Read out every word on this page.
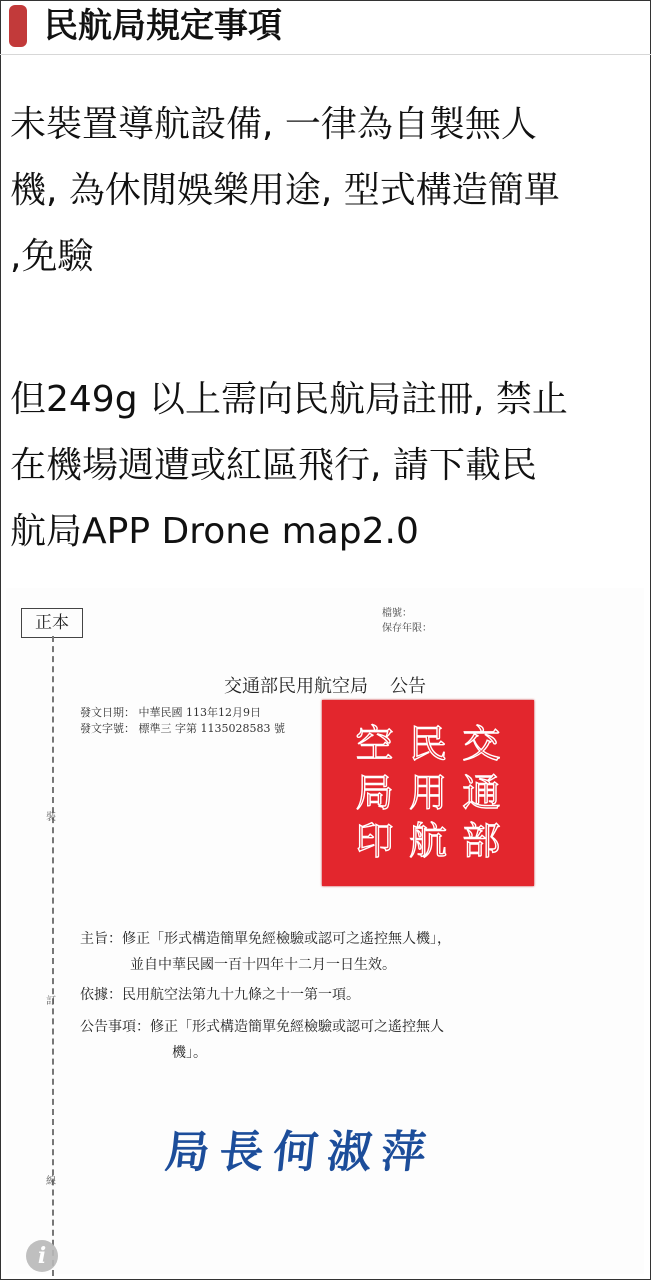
民航局規定事項
未裝置導航設備, 一律為自製無人
機, 為休閒娛樂用途, 型式構造簡單
,免驗
但249g 以上需向民航局註冊, 禁止
在機場週遭或紅區飛行, 請下載民
航局APP Drone map2.0
正本
裝
訂
線
檔號：
保存年限：
交通部民用航空局 公告
發文日期： 中華民國 113年12月9日
發文字號： 標準三 字第 1135028583 號	交
通
部
民
用
航
空
局
印
主旨：修正「形式構造簡單免經檢驗或認可之遙控無人機」，
並自中華民國一百十四年十二月一日生效。
依據：民用航空法第九十九條之十一第一項。
公告事項：修正「形式構造簡單免經檢驗或認可之遙控無人
機」。
局長何淑萍
i
